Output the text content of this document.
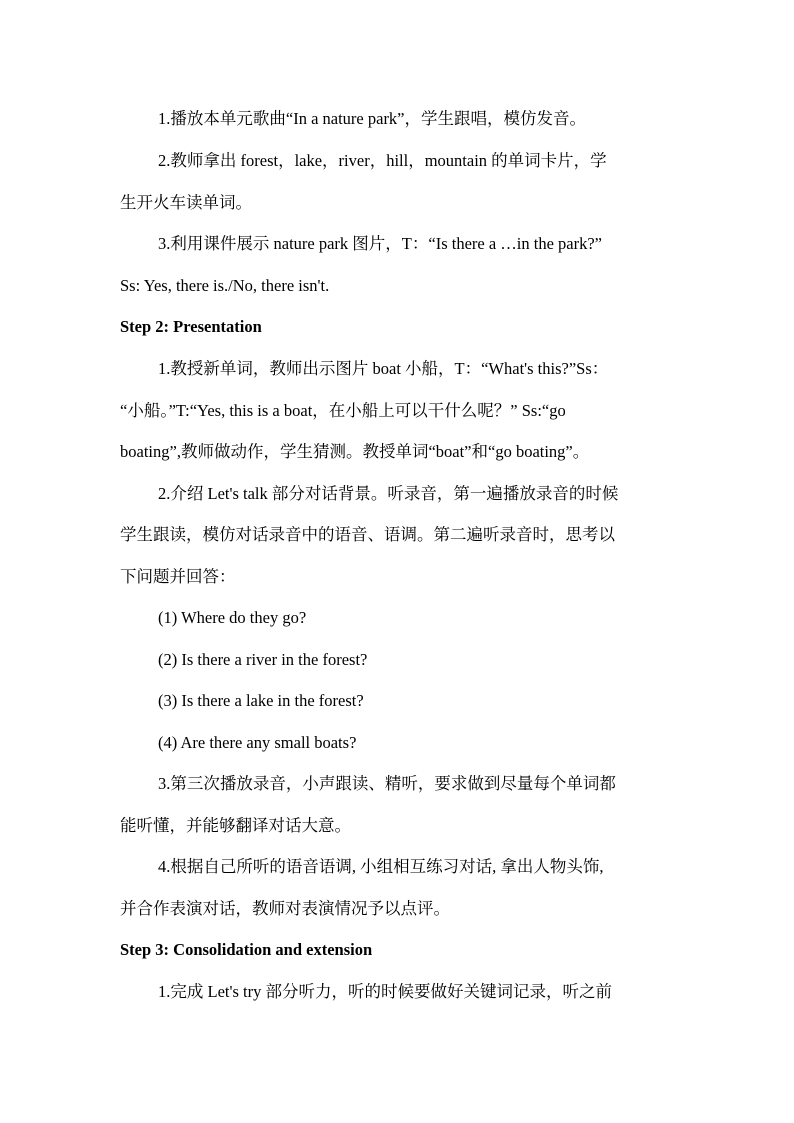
1.播放本单元歌曲“In a nature park”，学生跟唱，模仿发音。
2.教师拿出 forest，lake，river，hill，mountain 的单词卡片，学
生开火车读单词。
3.利用课件展示 nature park 图片，T：“Is there a …in the park?”
Ss: Yes, there is./No, there isn't.
Step 2: Presentation
1.教授新单词，教师出示图片 boat 小船，T：“What's this?”Ss：
“小船。”T:“Yes, this is a boat，在小船上可以干什么呢？” Ss:“go
boating”,教师做动作，学生猜测。教授单词“boat”和“go boating”。
2.介绍 Let's talk 部分对话背景。听录音，第一遍播放录音的时候
学生跟读，模仿对话录音中的语音、语调。第二遍听录音时，思考以
下问题并回答：
(1) Where do they go?
(2) Is there a river in the forest?
(3) Is there a lake in the forest?
(4) Are there any small boats?
3.第三次播放录音，小声跟读、精听，要求做到尽量每个单词都
能听懂，并能够翻译对话大意。
4.根据自己所听的语音语调, 小组相互练习对话, 拿出人物头饰,
并合作表演对话，教师对表演情况予以点评。
Step 3: Consolidation and extension
1.完成 Let's try 部分听力，听的时候要做好关键词记录，听之前
